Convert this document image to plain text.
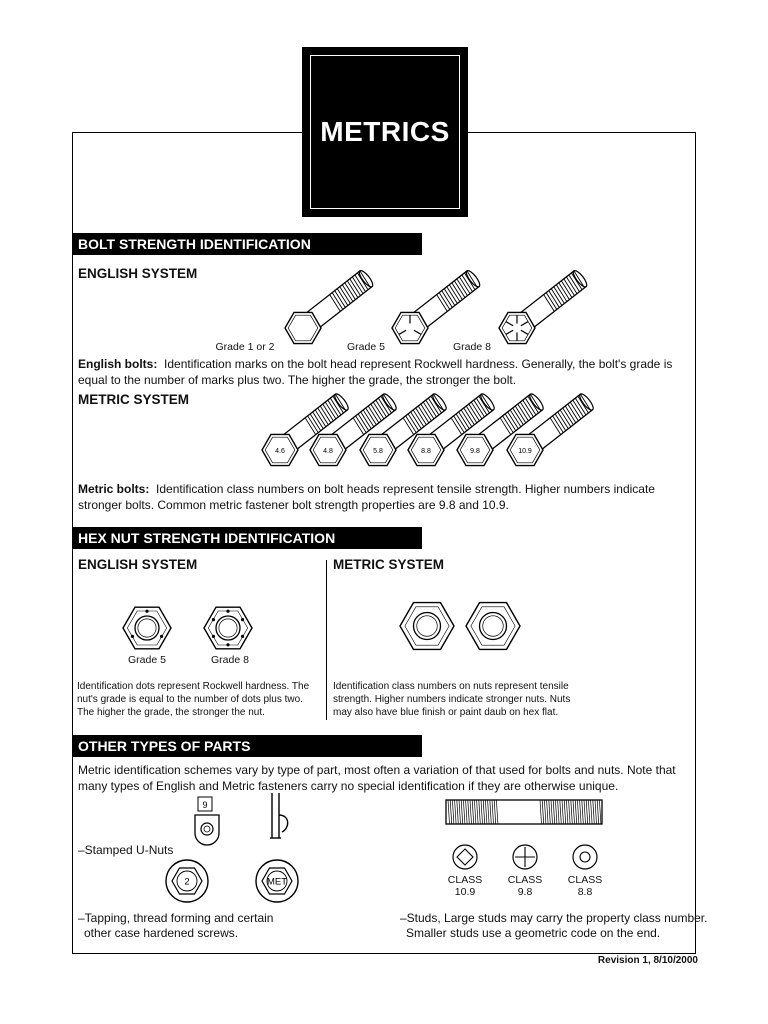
METRICS
BOLT STRENGTH IDENTIFICATION
ENGLISH SYSTEM
4.6	4.8	5.8	8.8	9.8	10.9
9
2	MET
Grade 1 or 2	Grade 5	Grade 8
English bolts: Identification marks on the bolt head represent Rockwell hardness. Generally, the bolt's grade is equal to the number of marks plus two. The higher the grade, the stronger the bolt.
METRIC SYSTEM
Metric bolts: Identification class numbers on bolt heads represent tensile strength. Higher numbers indicate stronger bolts. Common metric fastener bolt strength properties are 9.8 and 10.9.
HEX NUT STRENGTH IDENTIFICATION
ENGLISH SYSTEM	METRIC SYSTEM
Grade 5	Grade 8
Identification dots represent Rockwell hardness. The nut's grade is equal to the number of dots plus two. The higher the grade, the stronger the nut.
Identification class numbers on nuts represent tensile strength. Higher numbers indicate stronger nuts. Nuts may also have blue finish or paint daub on hex flat.
OTHER TYPES OF PARTS
Metric identification schemes vary by type of part, most often a variation of that used for bolts and nuts. Note that many types of English and Metric fasteners carry no special identification if they are otherwise unique.
–Stamped U-Nuts
–Tapping, thread forming and certain
other case hardened screws.
CLASS
10.9
CLASS
9.8
CLASS
8.8
–Studs, Large studs may carry the property class number.
Smaller studs use a geometric code on the end.
Revision 1, 8/10/2000
